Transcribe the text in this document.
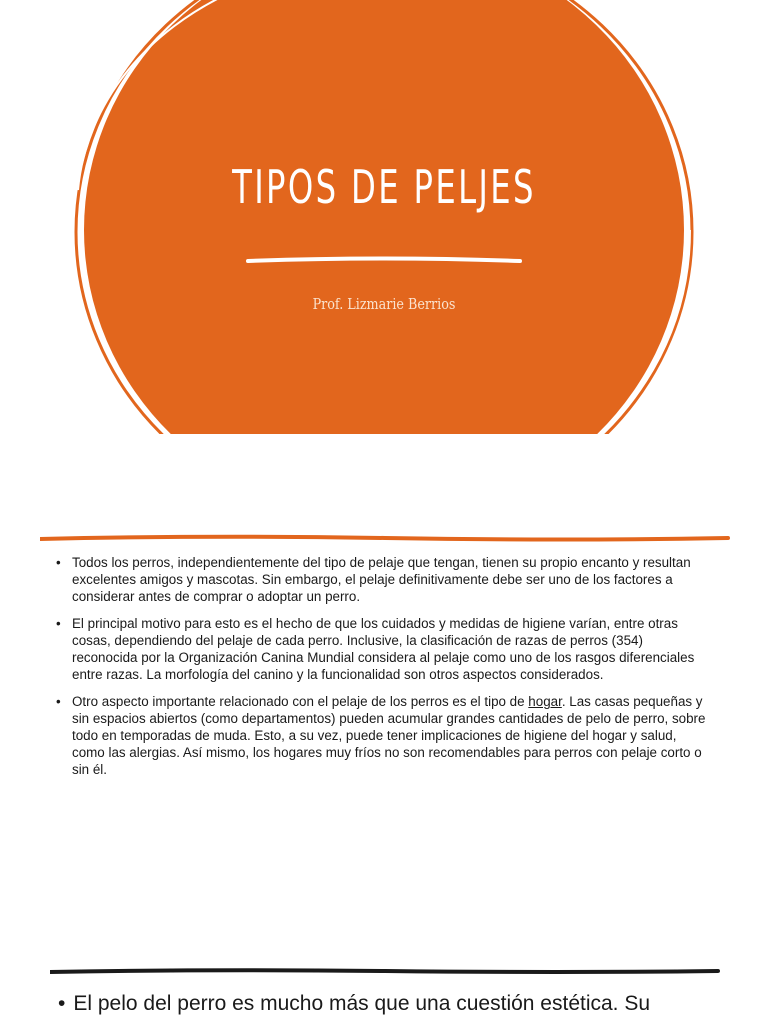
TIPOS DE PELJES
Prof. Lizmarie Berrios
• Todos los perros, independientemente del tipo de pelaje que tengan, tienen su propio encanto y resultan excelentes amigos y mascotas. Sin embargo, el pelaje definitivamente debe ser uno de los factores a considerar antes de comprar o adoptar un perro.
• El principal motivo para esto es el hecho de que los cuidados y medidas de higiene varían, entre otras cosas, dependiendo del pelaje de cada perro. Inclusive, la clasificación de razas de perros (354) reconocida por la Organización Canina Mundial considera al pelaje como uno de los rasgos diferenciales entre razas. La morfología del canino y la funcionalidad son otros aspectos considerados.
• Otro aspecto importante relacionado con el pelaje de los perros es el tipo de hogar. Las casas pequeñas y sin espacios abiertos (como departamentos) pueden acumular grandes cantidades de pelo de perro, sobre todo en temporadas de muda. Esto, a su vez, puede tener implicaciones de higiene del hogar y salud, como las alergias. Así mismo, los hogares muy fríos no son recomendables para perros con pelaje corto o sin él.
• El pelo del perro es mucho más que una cuestión estética. Su
